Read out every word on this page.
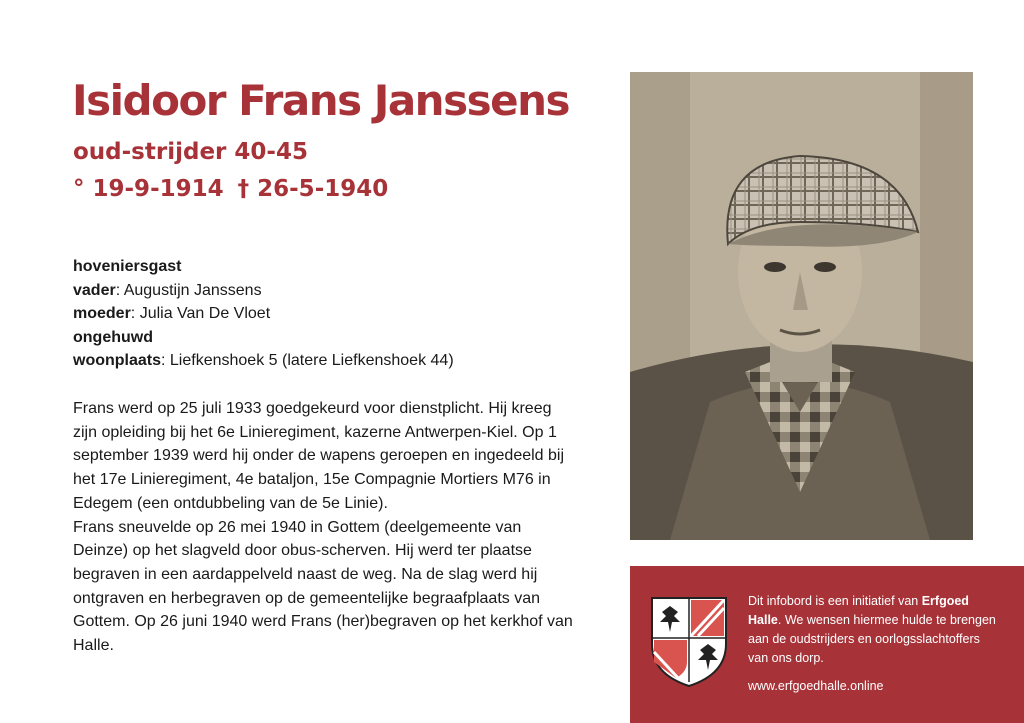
Isidoor Frans Janssens
oud-strijder 40-45
° 19-9-1914 † 26-5-1940
hoveniersgast
vader: Augustijn Janssens
moeder: Julia Van De Vloet
ongehuwd
woonplaats: Liefkenshoek 5 (latere Liefkenshoek 44)

Frans werd op 25 juli 1933 goedgekeurd voor dienstplicht. Hij kreeg zijn opleiding bij het 6e Linieregiment, kazerne Antwerpen-Kiel. Op 1 september 1939 werd hij onder de wapens geroepen en ingedeeld bij het 17e Linieregiment, 4e bataljon, 15e Compagnie Mortiers M76 in Edegem (een ontdubbeling van de 5e Linie).

Frans sneuvelde op 26 mei 1940 in Gottem (deelgemeente van Deinze) op het slagveld door obus-scherven. Hij werd ter plaatse begraven in een aardappelveld naast de weg. Na de slag werd hij ontgraven en herbegraven op de gemeentelijke begraafplaats van Gottem. Op 26 juni 1940 werd Frans (her)begraven op het kerkhof van Halle.

Dit infobord is een initiatief van Erfgoed Halle. We wensen hiermee hulde te brengen aan de oudstrijders en oorlogsslachtoffers van ons dorp.
www.erfgoedhalle.online
